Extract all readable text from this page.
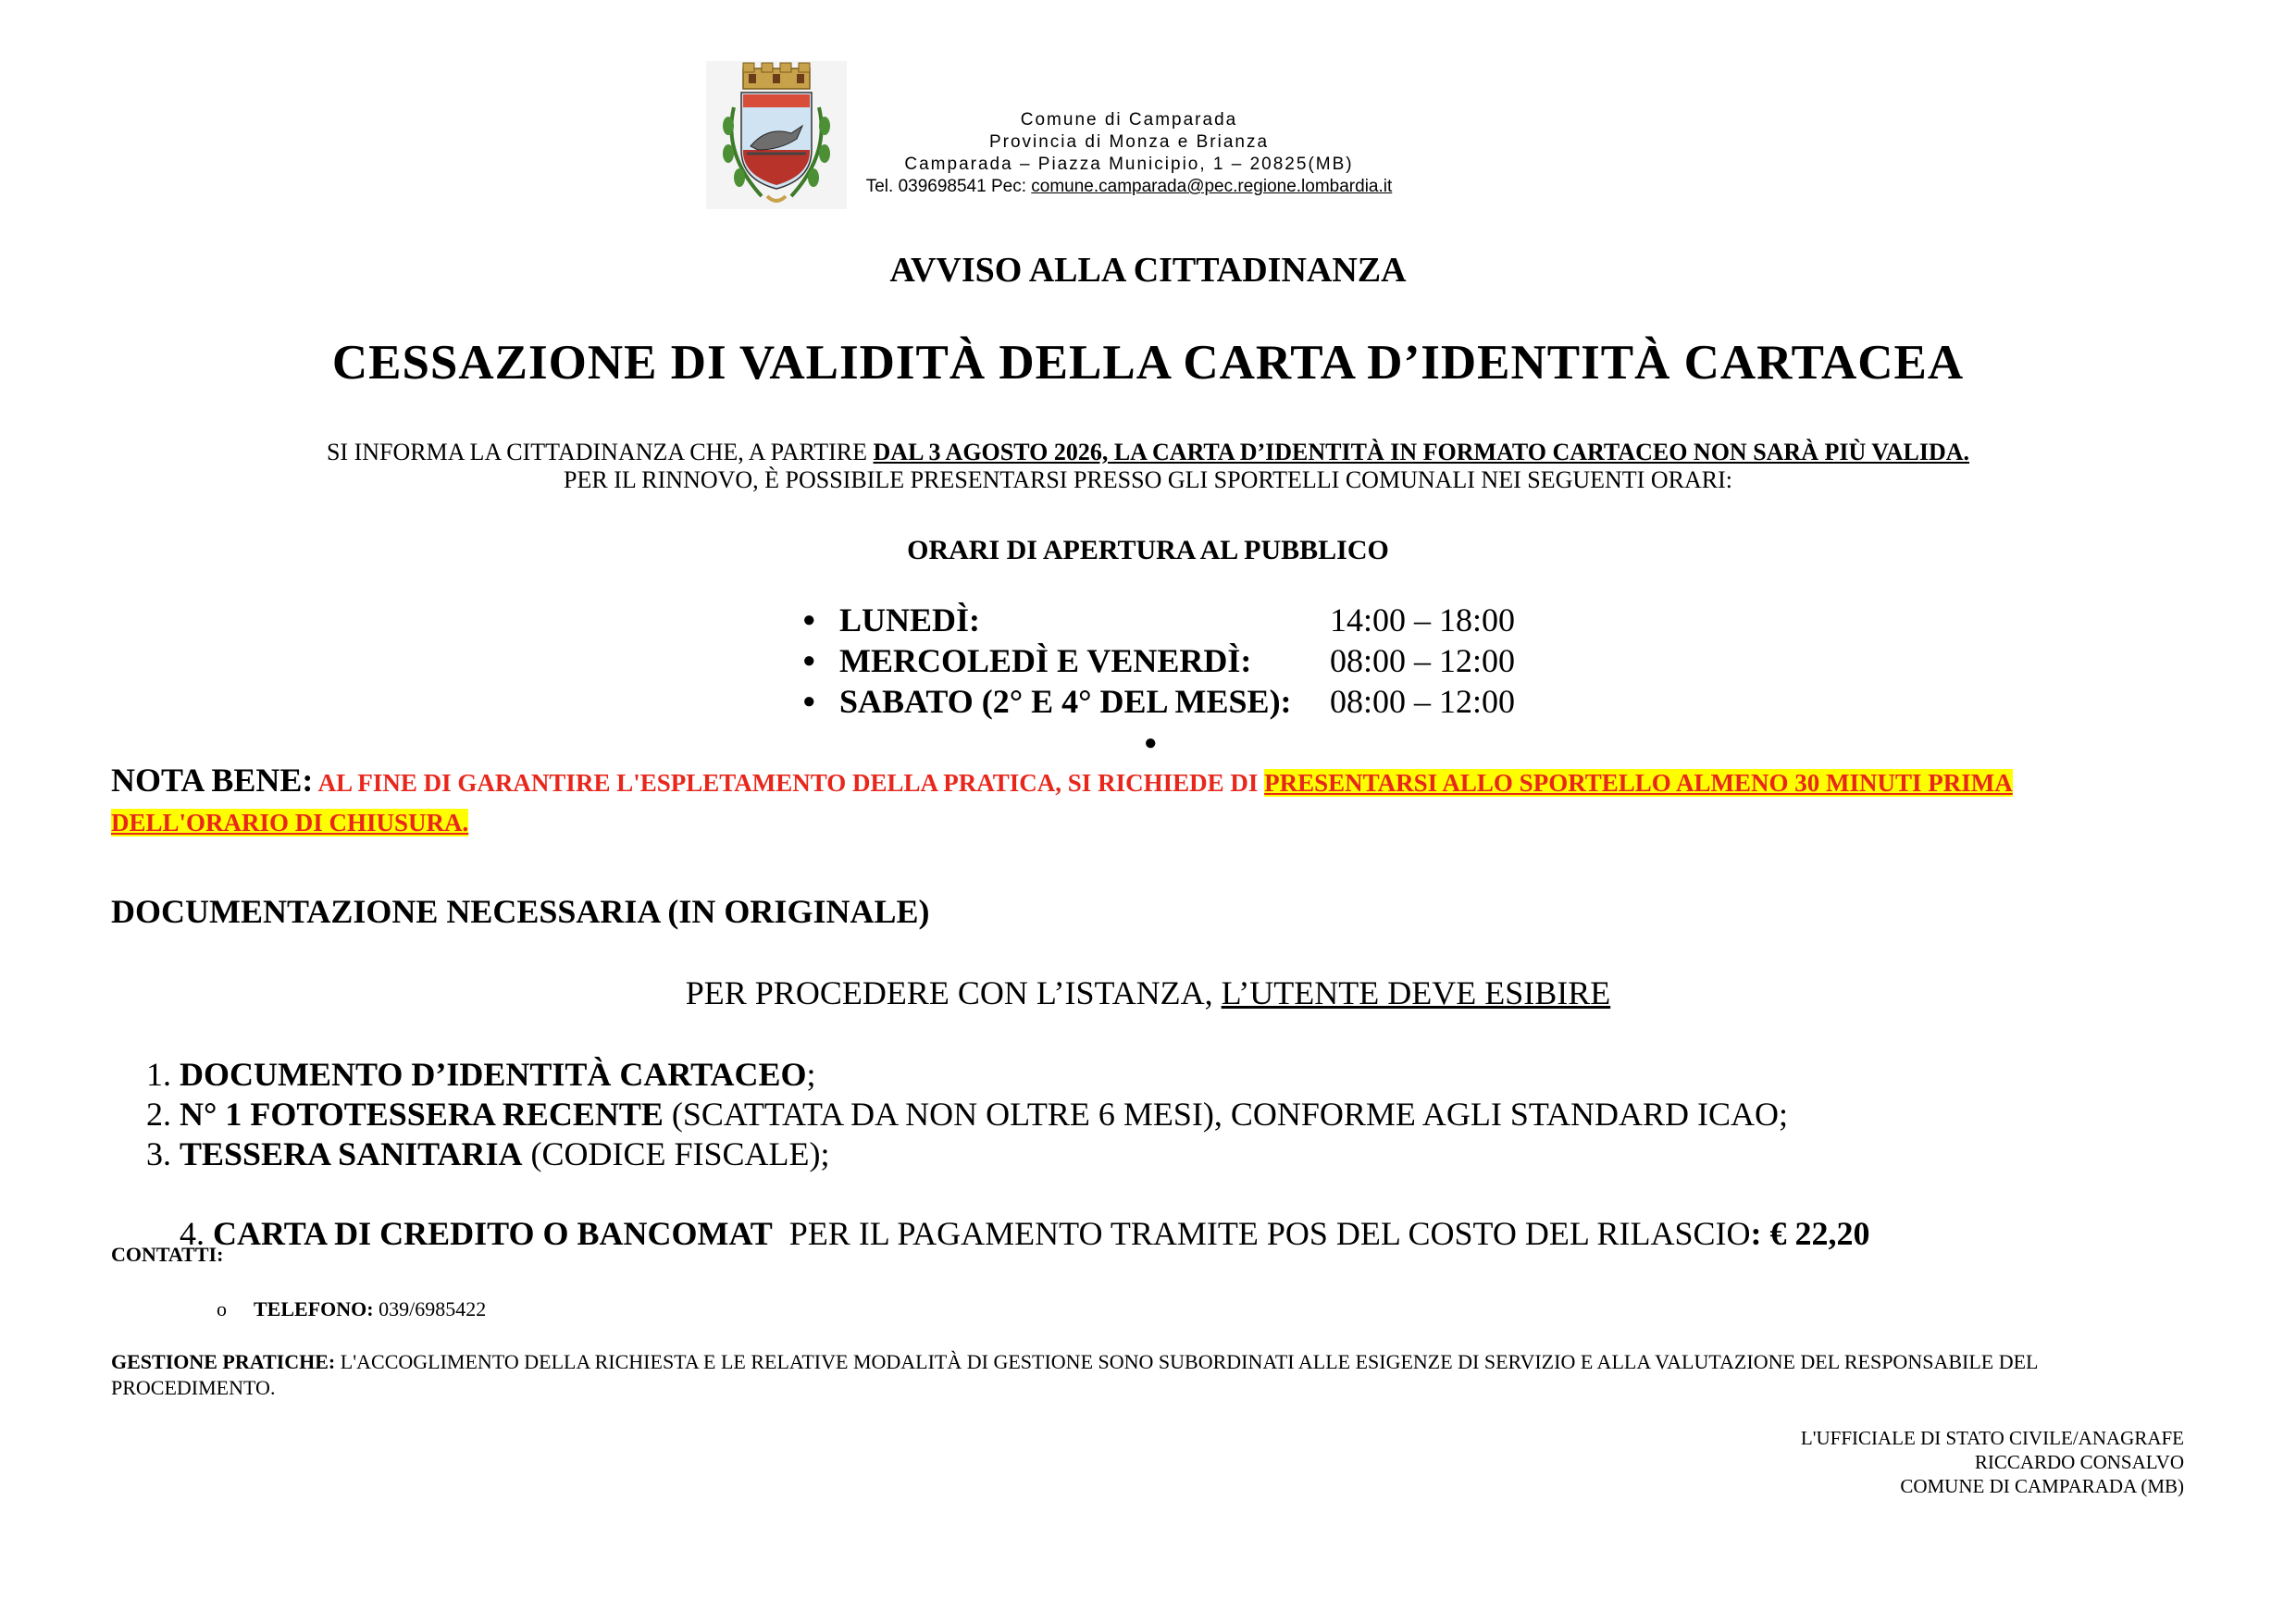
Comune di Camparada
Provincia di Monza e Brianza
Camparada – Piazza Municipio, 1 – 20825(MB)
Tel. 039698541 Pec: comune.camparada@pec.regione.lombardia.it
AVVISO ALLA CITTADINANZA
CESSAZIONE DI VALIDITÀ DELLA CARTA D’IDENTITÀ CARTACEA
SI INFORMA LA CITTADINANZA CHE, A PARTIRE DAL 3 AGOSTO 2026, LA CARTA D’IDENTITÀ IN FORMATO CARTACEO NON SARÀ PIÙ VALIDA.
PER IL RINNOVO, È POSSIBILE PRESENTARSI PRESSO GLI SPORTELLI COMUNALI NEI SEGUENTI ORARI:
ORARI DI APERTURA AL PUBBLICO
● LUNEDÌ:	14:00 – 18:00
● MERCOLEDÌ E VENERDÌ: 08:00 – 12:00
● SABATO (2° E 4° DEL MESE): 08:00 – 12:00
●
NOTA BENE: AL FINE DI GARANTIRE L'ESPLETAMENTO DELLA PRATICA, SI RICHIEDE DI PRESENTARSI ALLO SPORTELLO ALMENO 30 MINUTI PRIMA DELL'ORARIO DI CHIUSURA.
DOCUMENTAZIONE NECESSARIA (IN ORIGINALE)
PER PROCEDERE CON L’ISTANZA, L’UTENTE DEVE ESIBIRE
1. DOCUMENTO D’IDENTITÀ CARTACEO;
2. N° 1 FOTOTESSERA RECENTE (SCATTATA DA NON OLTRE 6 MESI), CONFORME AGLI STANDARD ICAO;
3. TESSERA SANITARIA (CODICE FISCALE);

4. CARTA DI CREDITO O BANCOMAT  PER IL PAGAMENTO TRAMITE POS DEL COSTO DEL RILASCIO: € 22,20

CONTATTI:
o TELEFONO: 039/6985422
GESTIONE PRATICHE: L'ACCOGLIMENTO DELLA RICHIESTA E LE RELATIVE MODALITÀ DI GESTIONE SONO SUBORDINATI ALLE ESIGENZE DI SERVIZIO E ALLA VALUTAZIONE DEL RESPONSABILE DEL PROCEDIMENTO.
L'UFFICIALE DI STATO CIVILE/ANAGRAFE
RICCARDO CONSALVO
COMUNE DI CAMPARADA (MB)
